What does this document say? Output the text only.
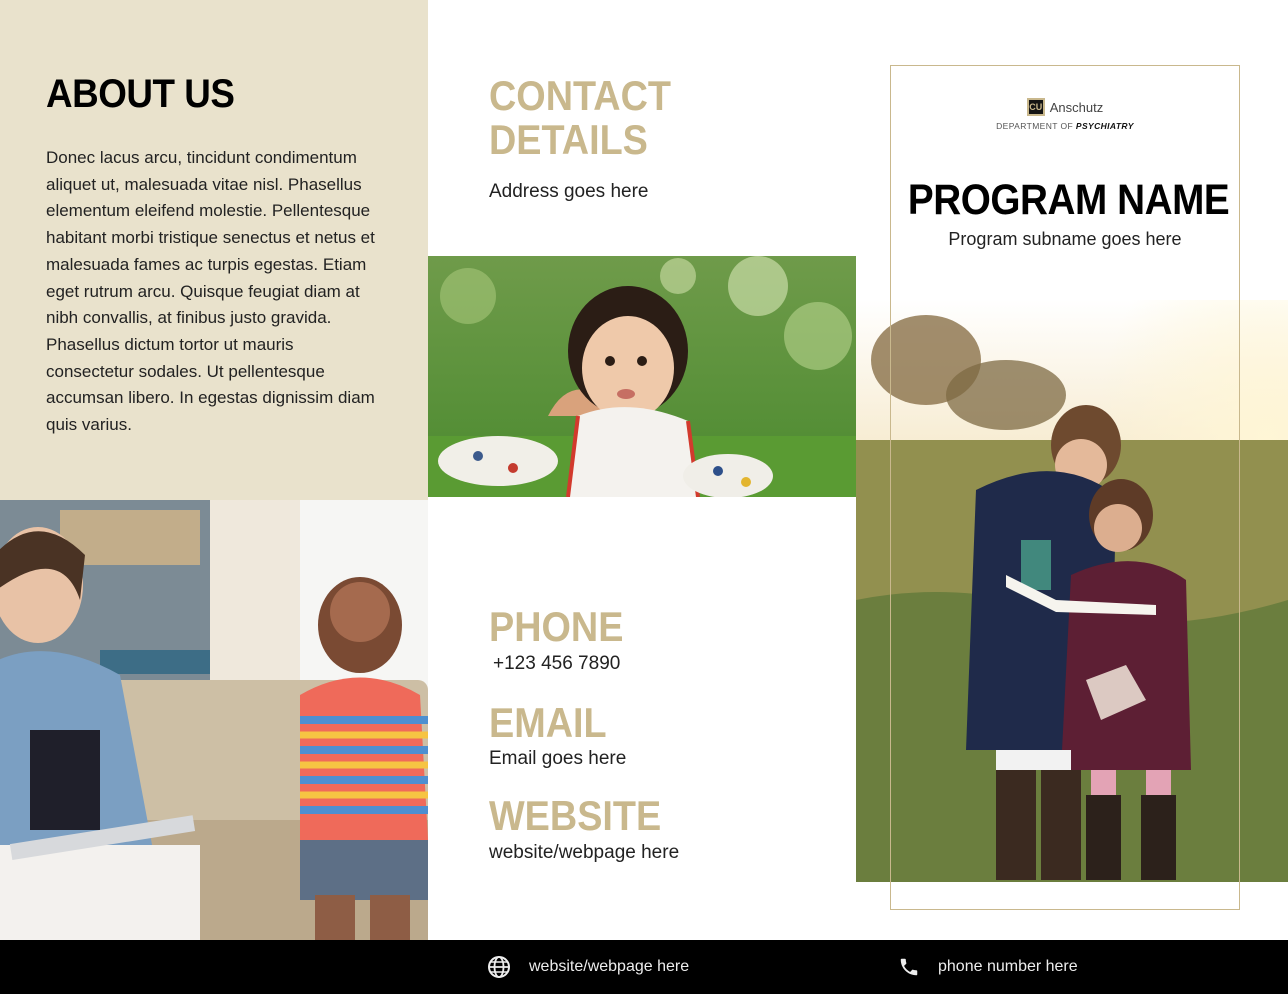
ABOUT US

Donec lacus arcu, tincidunt condimentum aliquet ut, malesuada vitae nisl. Phasellus elementum eleifend molestie. Pellentesque habitant morbi tristique senectus et netus et malesuada fames ac turpis egestas. Etiam eget rutrum arcu. Quisque feugiat diam at nibh convallis, at finibus justo gravida. Phasellus dictum tortor ut mauris consectetur sodales. Ut pellentesque accumsan libero. In egestas dignissim diam quis varius.

CONTACT
DETAILS
Address goes here
PHONE
+123 456 7890
EMAIL
Email goes here
WEBSITE
website/webpage here
CU Anschutz
DEPARTMENT OF PSYCHIATRY
PROGRAM NAME
Program subname goes here
website/webpage here	phone number here
